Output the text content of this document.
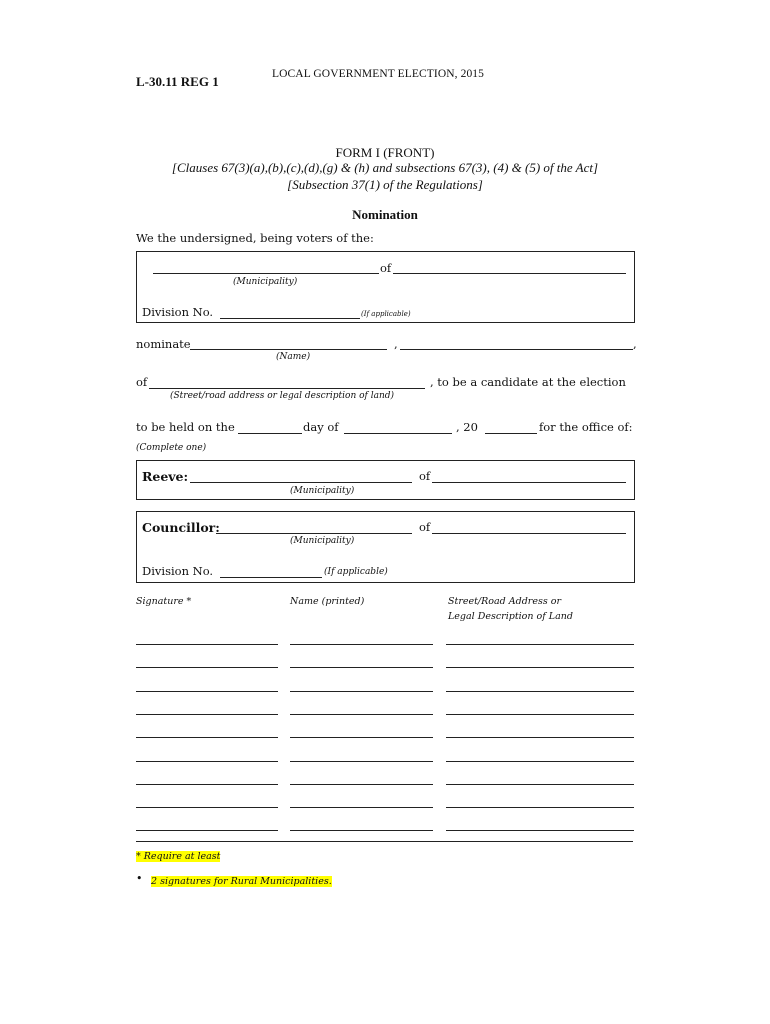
L-30.11 REG 1	LOCAL GOVERNMENT ELECTION, 2015
FORM I (FRONT)
[Clauses 67(3)(a),(b),(c),(d),(g) & (h) and subsections 67(3), (4) & (5) of the Act]
[Subsection 37(1) of the Regulations]
Nomination
We the undersigned, being voters of the:
of
(Municipality)
Division No.	(If applicable)
nominate	,	,
(Name)
of	, to be a candidate at the election
(Street/road address or legal description of land)
to be held on the	day of	, 20	for the office of:
(Complete one)
Reeve:	of
(Municipality)
Councillor:	of
(Municipality)
Division No.	(If applicable)
Signature *	Name (printed)	Street/Road Address or
Legal Description of Land
* Require at least
• 2 signatures for Rural Municipalities.
